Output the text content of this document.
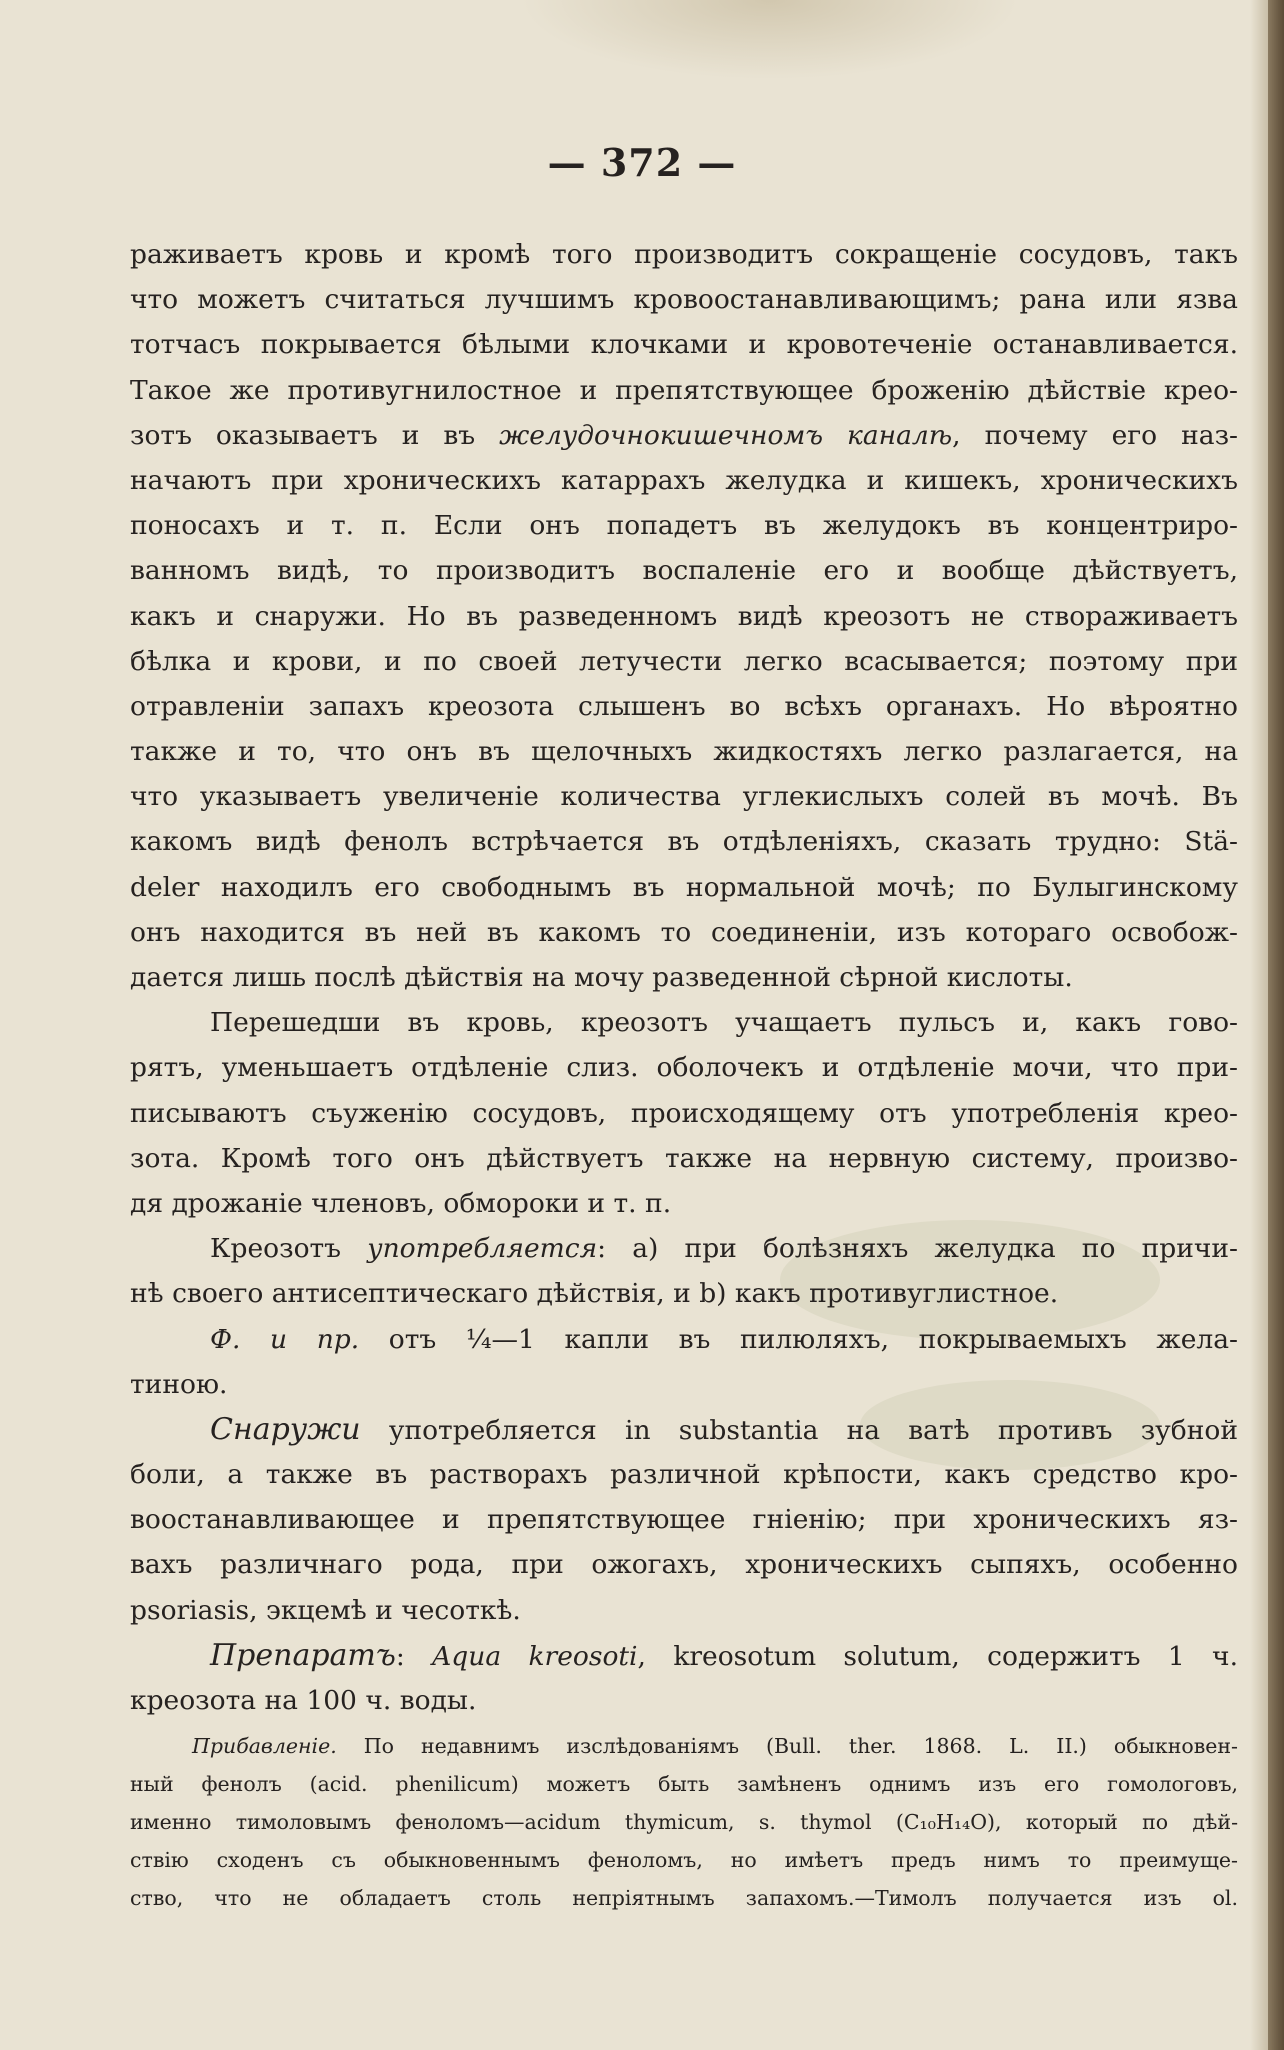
— 372 —
раживаетъ кровь и кромѣ того производитъ сокращенie сосудовъ, такъ
что можетъ считаться лучшимъ кровоостанавливающимъ; рана или язва
тотчасъ покрывается бѣлыми клочками и кровотеченie останавливается.
Такое же противугнилостное и препятствующее броженiю дѣйствie крео-
зотъ оказываетъ и въ желудочнокишечномъ каналѣ, почему его наз-
начаютъ при хроническихъ катаррахъ желудка и кишекъ, хроническихъ
поносахъ и т. п. Если онъ попадетъ въ желудокъ въ концентриро-
ванномъ видѣ, то производитъ воспаленie его и вообще дѣйствуетъ,
какъ и снаружи. Но въ разведенномъ видѣ креозотъ не створаживаетъ
бѣлка и крови, и по своей летучести легко всасывается; поэтому при
отравленiи запахъ креозота слышенъ во всѣхъ органахъ. Но вѣроятно
также и то, что онъ въ щелочныхъ жидкостяхъ легко разлагается, на
что указываетъ увеличенie количества углекислыхъ солей въ мочѣ. Въ
какомъ видѣ фенолъ встрѣчается въ отдѣленiяхъ, сказать трудно: Stä-
deler находилъ его свободнымъ въ нормальной мочѣ; по Булыгинскому
онъ находится въ ней въ какомъ то соединенiи, изъ котораго освобож-
дается лишь послѣ дѣйствiя на мочу разведенной сѣрной кислоты.
Перешедши въ кровь, креозотъ учащаетъ пульсъ и, какъ гово-
рятъ, уменьшаетъ отдѣленie слиз. оболочекъ и отдѣленie мочи, что при-
писываютъ съуженiю сосудовъ, происходящему отъ употребленiя крео-
зота. Кромѣ того онъ дѣйствуетъ также на нервную систему, произво-
дя дрожанie членовъ, обмороки и т. п.
Креозотъ употребляется: а) при болѣзняхъ желудка по причи-
нѣ своего антисептическаго дѣйствiя, и b) какъ противуглистное.
Ф. и пр. отъ ¼—1 капли въ пилюляхъ, покрываемыхъ жела-
тиною.
Снаружи употребляется in substantia на ватѣ противъ зубной
боли, а также въ растворахъ различной крѣпости, какъ средство кро-
воостанавливающее и препятствующее гнiенiю; при хроническихъ яз-
вахъ различнаго рода, при ожогахъ, хроническихъ сыпяхъ, особенно
psoriasis, экцемѣ и чесоткѣ.
Препаратъ: Aqua kreosoti, kreosotum solutum, содержитъ 1 ч.
креозота на 100 ч. воды.
Прибавленie. По недавнимъ изслѣдованiямъ (Bull. ther. 1868. L. II.) обыкновен-
ный фенолъ (acid. phenilicum) можетъ быть замѣненъ однимъ изъ его гомологовъ,
именно тимоловымъ феноломъ—acidum thymicum, s. thymol (C₁₀H₁₄O), который по дѣй-
ствiю сходенъ съ обыкновеннымъ феноломъ, но имѣетъ предъ нимъ то преимуще-
ство, что не обладаетъ столь непрiятнымъ запахомъ.—Тимолъ получается изъ ol.
